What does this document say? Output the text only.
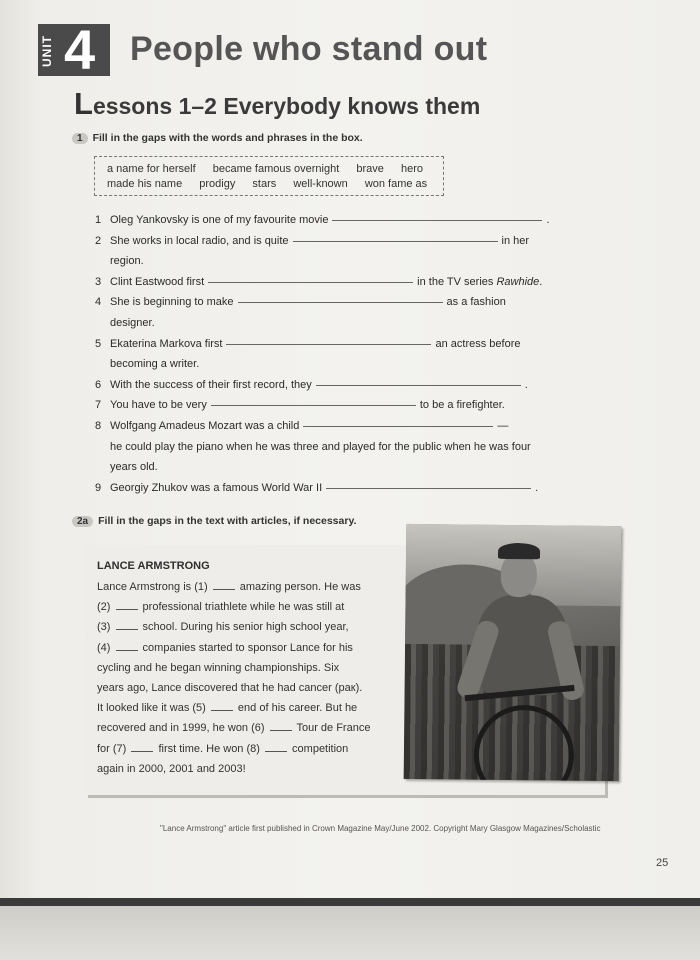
UNIT 4 People who stand out
Lessons 1–2 Everybody knows them
1 Fill in the gaps with the words and phrases in the box.
a name for herself became famous overnight brave hero
made his name prodigy stars well-known won fame as
1 Oleg Yankovsky is one of my favourite movie	.
2 She works in local radio, and is quite	in her
region.
3 Clint Eastwood first	in the TV series Rawhide.
4 She is beginning to make	as a fashion
designer.
5 Ekaterina Markova first	an actress before
becoming a writer.
6 With the success of their first record, they	.
7 You have to be very	to be a firefighter.
8 Wolfgang Amadeus Mozart was a child	—
he could play the piano when he was three and played for the public when he was four
years old.
9 Georgiy Zhukov was a famous World War II	.
2a Fill in the gaps in the text with articles, if necessary.
LANCE ARMSTRONG
Lance Armstrong is (1)  amazing person. He was
(2)  professional triathlete while he was still at
(3)  school. During his senior high school year,
(4)  companies started to sponsor Lance for his
cycling and he began winning championships. Six
years ago, Lance discovered that he had cancer (рак).
It looked like it was (5)  end of his career. But he
recovered and in 1999, he won (6)  Tour de France
for (7)  first time. He won (8)  competition
again in 2000, 2001 and 2003!
"Lance Armstrong" article first published in Crown Magazine May/June 2002. Copyright Mary Glasgow Magazines/Scholastic
25
